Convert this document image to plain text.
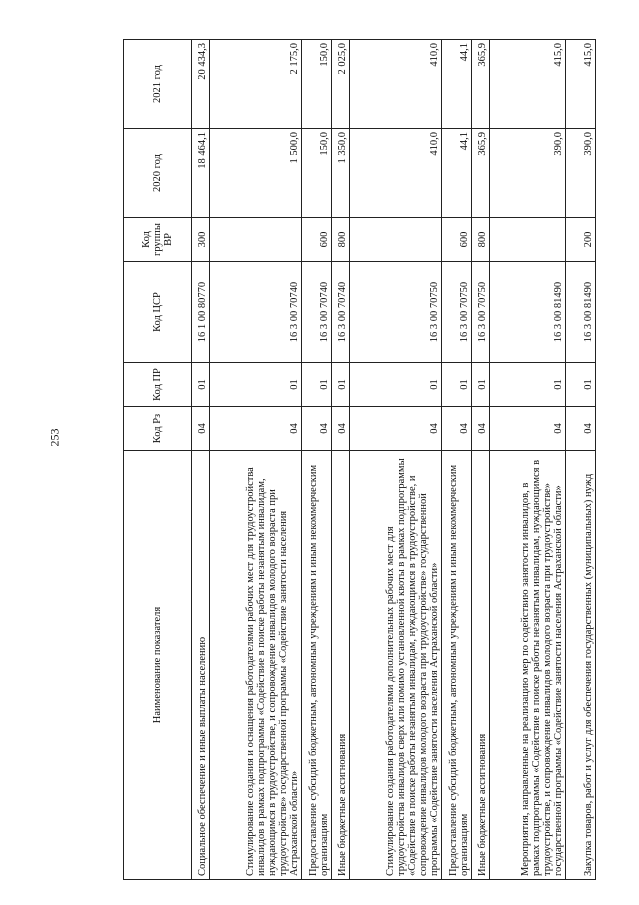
253
Наименование показателя	Код Рз	Код ПР	Код ЦСР	Код группы ВР	2020 год	2021 год
Социальное обеспечение и иные выплаты населению	04	01	16 1 00 80770	300	18 464,1	20 434,3
Стимулирование создания и оснащения работодателями рабочих мест для трудоустройства инвалидов в рамках подпрограммы «Содействие в поиске работы незанятым инвалидам, нуждающимся в трудоустройстве, и сопровождение инвалидов молодого возраста при трудоустройстве» государственной программы «Содействие занятости населения Астраханской области»	04	01	16 3 00 70740		1 500,0	2 175,0
Предоставление субсидий бюджетным, автономным учреждениям и иным некоммерческим организациям	04	01	16 3 00 70740	600	150,0	150,0
Иные бюджетные ассигнования	04	01	16 3 00 70740	800	1 350,0	2 025,0
Стимулирование создания работодателями дополнительных рабочих мест для трудоустройства инвалидов сверх или помимо установленной квоты в рамках подпрограммы «Содействие в поиске работы незанятым инвалидам, нуждающимся в трудоустройстве, и сопровождение инвалидов молодого возраста при трудоустройстве» государственной программы «Содействие занятости населения Астраханской области»	04	01	16 3 00 70750		410,0	410,0
Предоставление субсидий бюджетным, автономным учреждениям и иным некоммерческим организациям	04	01	16 3 00 70750	600	44,1	44,1
Иные бюджетные ассигнования	04	01	16 3 00 70750	800	365,9	365,9
Мероприятия, направленные на реализацию мер по содействию занятости инвалидов, в рамках подпрограммы «Содействие в поиске работы незанятым инвалидам, нуждающимся в трудоустройстве, и сопровождение инвалидов молодого возраста при трудоустройстве» государственной программы «Содействие занятости населения Астраханской области»	04	01	16 3 00 81490		390,0	415,0
Закупка товаров, работ и услуг для обеспечения государственных (муниципальных) нужд	04	01	16 3 00 81490	200	390,0	415,0
